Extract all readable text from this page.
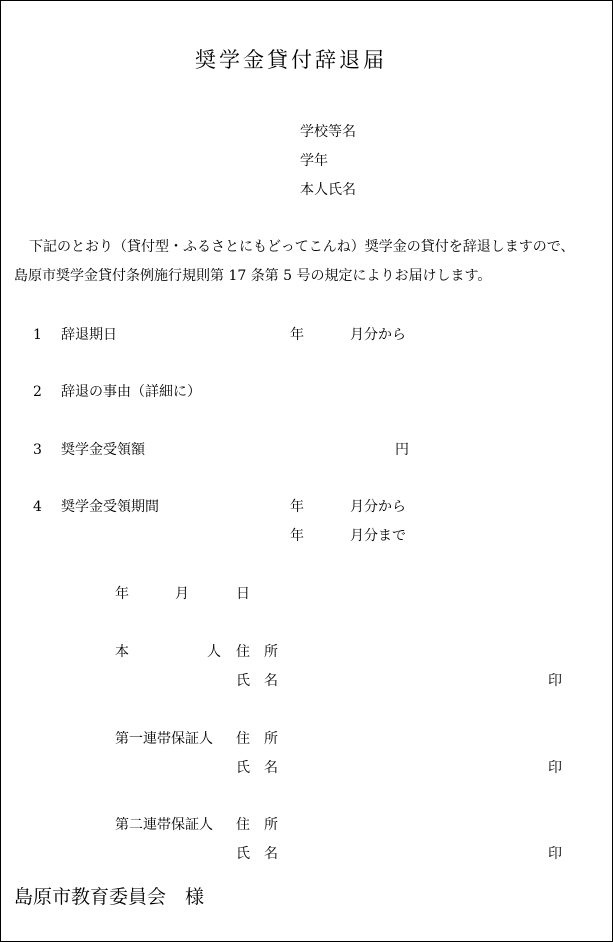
奨学金貸付辞退届
学校等名
学年
本人氏名
下記のとおり（貸付型・ふるさとにもどってこんね）奨学金の貸付を辞退しますので、
島原市奨学金貸付条例施行規則第 17 条第 5 号の規定によりお届けします。
1 辞退期日	年	月分から
2 辞退の事由（詳細に）
3 奨学金受領額	円
4 奨学金受領期間	年	月分から
年	月分まで
年	月	日
本	人 住　所
氏　名	印
第一連帯保証人 住　所
氏　名	印
第二連帯保証人 住　所
氏　名	印
島原市教育委員会　様
